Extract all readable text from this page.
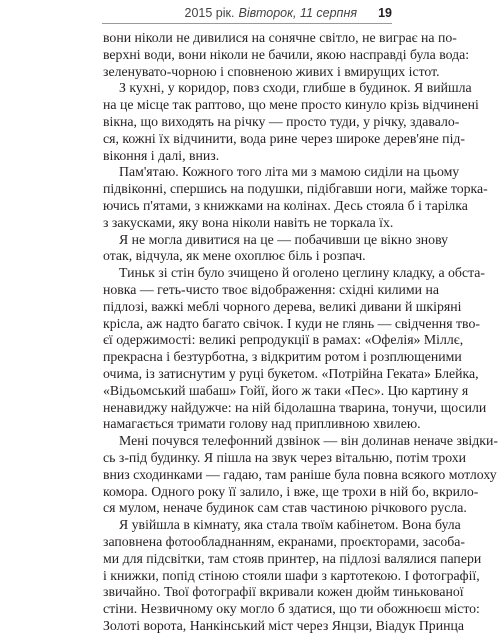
2015 рік. Вівторок, 11 серпня 19
вони ніколи не дивилися на сонячне світло, не вигрaє на по-
верхні води, вони ніколи не бачили, якою насправді була вода:
зеленувато-чорною і сповненою живих і вмирущих істот.
З кухні, у коридор, повз сходи, глибше в будинок. Я вийшла
на це місце так раптово, що мене просто кинуло крізь відчинені
вікна, що виходять на річку — просто туди, у річку, здавалo-
ся, кожні їх відчинити, вода рине через широке дерев'яне під-
віконня і далі, вниз.
Пам'ятаю. Кожного того літа ми з мамою сиділи на цьому
підвіконні, спершись на подушки, підібгавши ноги, майже торка-
ючись п'ятами, з книжками на колінах. Десь стояла б і тарілка
з закусками, яку вона ніколи навіть не торкала їх.
Я не могла дивитися на це — побачивши це вікно знову
отак, відчула, як мене охоплює біль і розпач.
Тиньк зі стін було зчищено й оголено цеглину кладку, а обста-
новка — геть-чисто твоє відображення: східні килими на
підлозі, важкі меблі чорного дерева, великі дивани й шкіряні
крісла, аж надто багато свічок. І куди не глянь — свідчення тво-
єї одержимості: великі репродукції в рамах: «Офелія» Міллє,
прекрасна і безтурботна, з відкритим ротом і розплющеними
очима, із затиснутим у руці букетом. «Потрійна Геката» Блейка,
«Відьомський шабаш» Гойї, його ж таки «Пес». Цю картину я
ненавиджу найдужче: на ній бідолашна тварина, тонучи, щосили
намагається тримати голову над припливною хвилею.
Мені почувся телефонний дзвінок — він долинав неначе звідки-
сь з-під будинку. Я пішла на звук через вітальню, потім трохи
вниз сходинками — гадаю, там раніше була повна всякого мотлоху
комора. Одного року її залило, і вже, ще трохи в ній бо, вкрило-
ся мулом, неначе будинок сам став частиною річкового русла.
Я увійшла в кімнату, яка стала твоїм кабінетом. Вона була
заповнена фотообладнанням, екранами, проєкторами, засоба-
ми для підсвітки, там стояв принтер, на підлозі валялися папери
і книжки, попід стіною стояли шафи з картотекою. І фотографії,
звичайно. Твої фотографії вкривали кожен дюйм тинькованої
стіни. Незвичному оку могло б здатися, що ти обожнюєш місто:
Золоті ворота, Нанкінський міст через Янцзи, Віадук Принца
